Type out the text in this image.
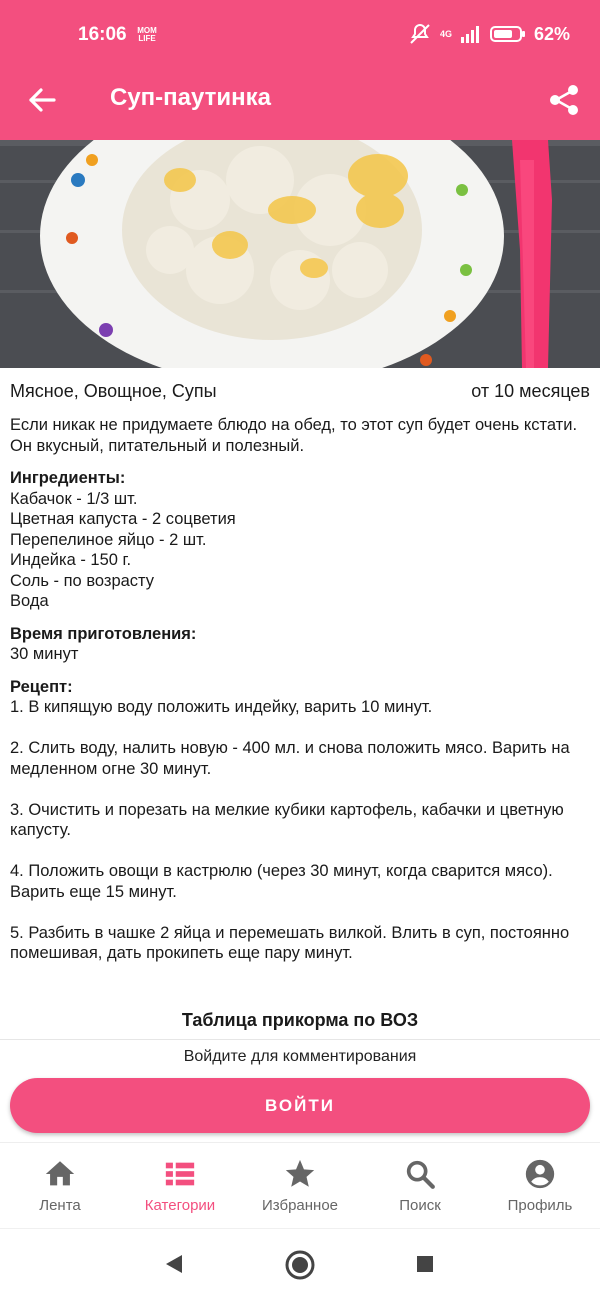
16:06 MOM
LIFE	4G	62%
Суп-паутинка
Мясное, Овощное, Супы	от 10 месяцев

Если никак не придумаете блюдо на обед, то этот суп будет очень кстати. Он вкусный, питательный и полезный.

Ингредиенты:

Кабачок - 1/3 шт.

Цветная капуста - 2 соцветия

Перепелиное яйцо - 2 шт.

Индейка - 150 г.

Соль - по возрасту

Вода

Время приготовления:

30 минут

Рецепт:

1. В кипящую воду положить индейку, варить 10 минут.

2. Слить воду, налить новую - 400 мл. и снова положить мясо. Варить на медленном огне 30 минут.

3. Очистить и порезать на мелкие кубики картофель, кабачки и цветную капусту.

4. Положить овощи в кастрюлю (через 30 минут, когда сварится мясо). Варить еще 15 минут.

5. Разбить в чашке 2 яйца и перемешать вилкой. Влить в суп, постоянно помешивая, дать прокипеть еще пару минут.

Таблица прикорма по ВОЗ
Войдите для комментирования
ВОЙТИ
Лента	Категории	Избранное	Поиск	Профиль
